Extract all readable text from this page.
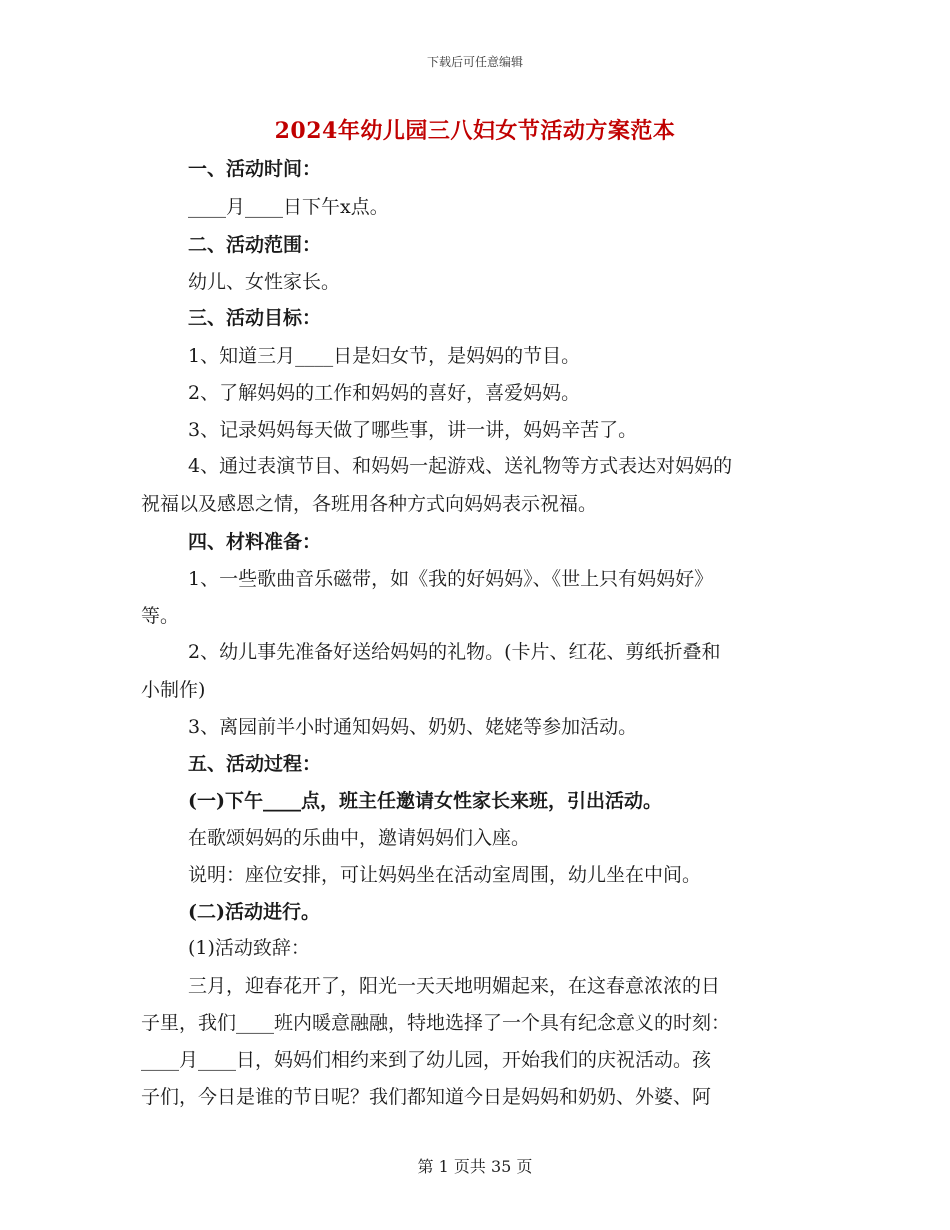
下载后可任意编辑
2024年幼儿园三八妇女节活动方案范本
一、活动时间：
____月____日下午x点。
二、活动范围：
幼儿、女性家长。
三、活动目标：
1、知道三月____日是妇女节，是妈妈的节目。
2、了解妈妈的工作和妈妈的喜好，喜爱妈妈。
3、记录妈妈每天做了哪些事，讲一讲，妈妈辛苦了。
4、通过表演节目、和妈妈一起游戏、送礼物等方式表达对妈妈的
祝福以及感恩之情，各班用各种方式向妈妈表示祝福。
四、材料准备：
1、一些歌曲音乐磁带，如《我的好妈妈》、《世上只有妈妈好》
等。
2、幼儿事先准备好送给妈妈的礼物。(卡片、红花、剪纸折叠和
小制作)
3、离园前半小时通知妈妈、奶奶、姥姥等参加活动。
五、活动过程：
(一)下午____点，班主任邀请女性家长来班，引出活动。
在歌颂妈妈的乐曲中，邀请妈妈们入座。
说明：座位安排，可让妈妈坐在活动室周围，幼儿坐在中间。
(二)活动进行。
(1)活动致辞：
三月，迎春花开了，阳光一天天地明媚起来，在这春意浓浓的日
子里，我们____班内暖意融融，特地选择了一个具有纪念意义的时刻：
____月____日，妈妈们相约来到了幼儿园，开始我们的庆祝活动。孩
子们，今日是谁的节日呢？我们都知道今日是妈妈和奶奶、外婆、阿
第 1 页共 35 页
